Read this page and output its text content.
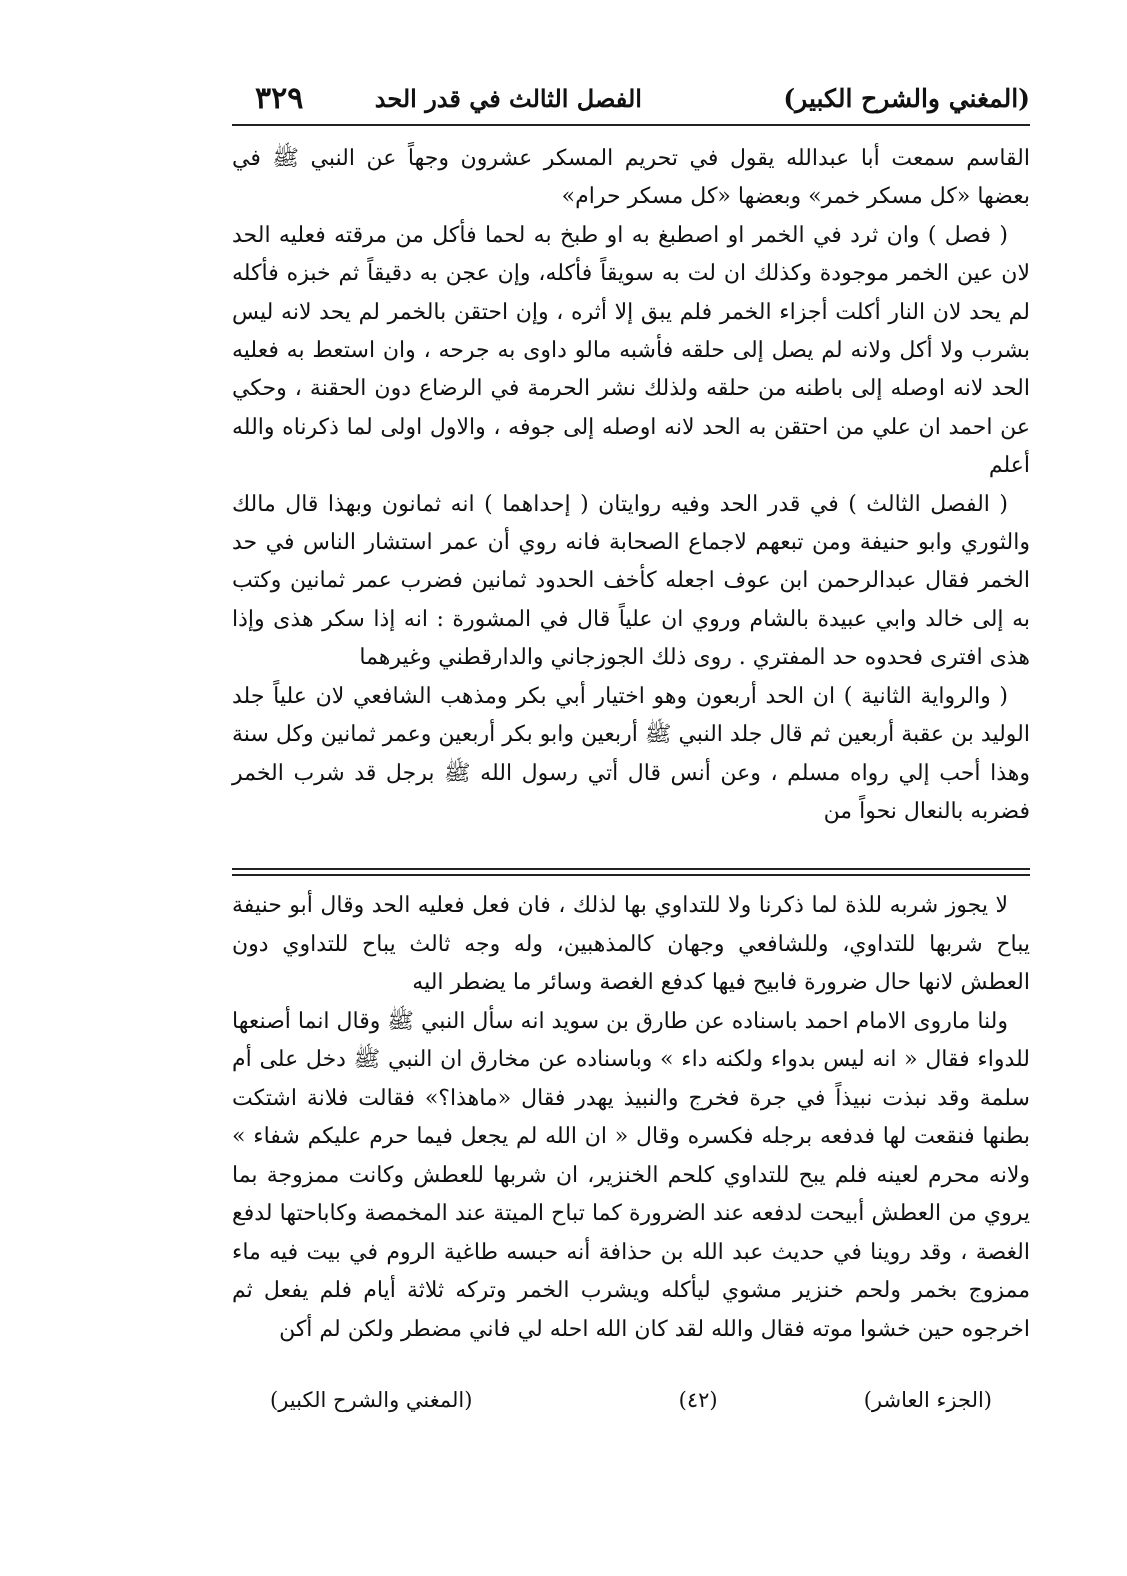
(المغني والشرح الكبير)
الفصل الثالث في قدر الحد
٣٢٩

القاسم سمعت أبا عبدالله يقول في تحريم المسكر عشرون وجهاً عن النبي ﷺ في بعضها «كل مسكر خمر» وبعضها «كل مسكر حرام»

( فصل ) وان ثرد في الخمر او اصطبغ به او طبخ به لحما فأكل من مرقته فعليه الحد لان عين الخمر موجودة وكذلك ان لت به سويقاً فأكله، وإن عجن به دقيقاً ثم خبزه فأكله لم يحد لان النار أكلت أجزاء الخمر فلم يبق إلا أثره ، وإن احتقن بالخمر لم يحد لانه ليس بشرب ولا أكل ولانه لم يصل إلى حلقه فأشبه مالو داوى به جرحه ، وان استعط به فعليه الحد لانه اوصله إلى باطنه من حلقه ولذلك نشر الحرمة في الرضاع دون الحقنة ، وحكي عن احمد ان علي من احتقن به الحد لانه اوصله إلى جوفه ، والاول اولى لما ذكرناه والله أعلم

( الفصل الثالث ) في قدر الحد وفيه روايتان ( إحداهما ) انه ثمانون وبهذا قال مالك والثوري وابو حنيفة ومن تبعهم لاجماع الصحابة فانه روي أن عمر استشار الناس في حد الخمر فقال عبدالرحمن ابن عوف اجعله كأخف الحدود ثمانين فضرب عمر ثمانين وكتب به إلى خالد وابي عبيدة بالشام وروي ان علياً قال في المشورة : انه إذا سكر هذى وإذا هذى افترى فحدوه حد المفتري . روى ذلك الجوزجاني والدارقطني وغيرهما

( والرواية الثانية ) ان الحد أربعون وهو اختيار أبي بكر ومذهب الشافعي لان علياً جلد الوليد بن عقبة أربعين ثم قال جلد النبي ﷺ أربعين وابو بكر أربعين وعمر ثمانين وكل سنة وهذا أحب إلي رواه مسلم ، وعن أنس قال أتي رسول الله ﷺ برجل قد شرب الخمر فضربه بالنعال نحواً من

لا يجوز شربه للذة لما ذكرنا ولا للتداوي بها لذلك ، فان فعل فعليه الحد وقال أبو حنيفة يباح شربها للتداوي، وللشافعي وجهان كالمذهبين، وله وجه ثالث يباح للتداوي دون العطش لانها حال ضرورة فابيح فيها كدفع الغصة وسائر ما يضطر اليه

ولنا ماروى الامام احمد باسناده عن طارق بن سويد انه سأل النبي ﷺ وقال انما أصنعها للدواء فقال « انه ليس بدواء ولكنه داء » وباسناده عن مخارق ان النبي ﷺ دخل على أم سلمة وقد نبذت نبيذاً في جرة فخرج والنبيذ يهدر فقال «ماهذا؟» فقالت فلانة اشتكت بطنها فنقعت لها فدفعه برجله فكسره وقال « ان الله لم يجعل فيما حرم عليكم شفاء » ولانه محرم لعينه فلم يبح للتداوي كلحم الخنزير، ان شربها للعطش وكانت ممزوجة بما يروي من العطش أبيحت لدفعه عند الضرورة كما تباح الميتة عند المخمصة وكاباحتها لدفع الغصة ، وقد روينا في حديث عبد الله بن حذافة أنه حبسه طاغية الروم في بيت فيه ماء ممزوج بخمر ولحم خنزير مشوي ليأكله ويشرب الخمر وتركه ثلاثة أيام فلم يفعل ثم اخرجوه حين خشوا موته فقال والله لقد كان الله احله لي فاني مضطر ولكن لم أكن

(الجزء العاشر)
(٤٢)
(المغني والشرح الكبير)
